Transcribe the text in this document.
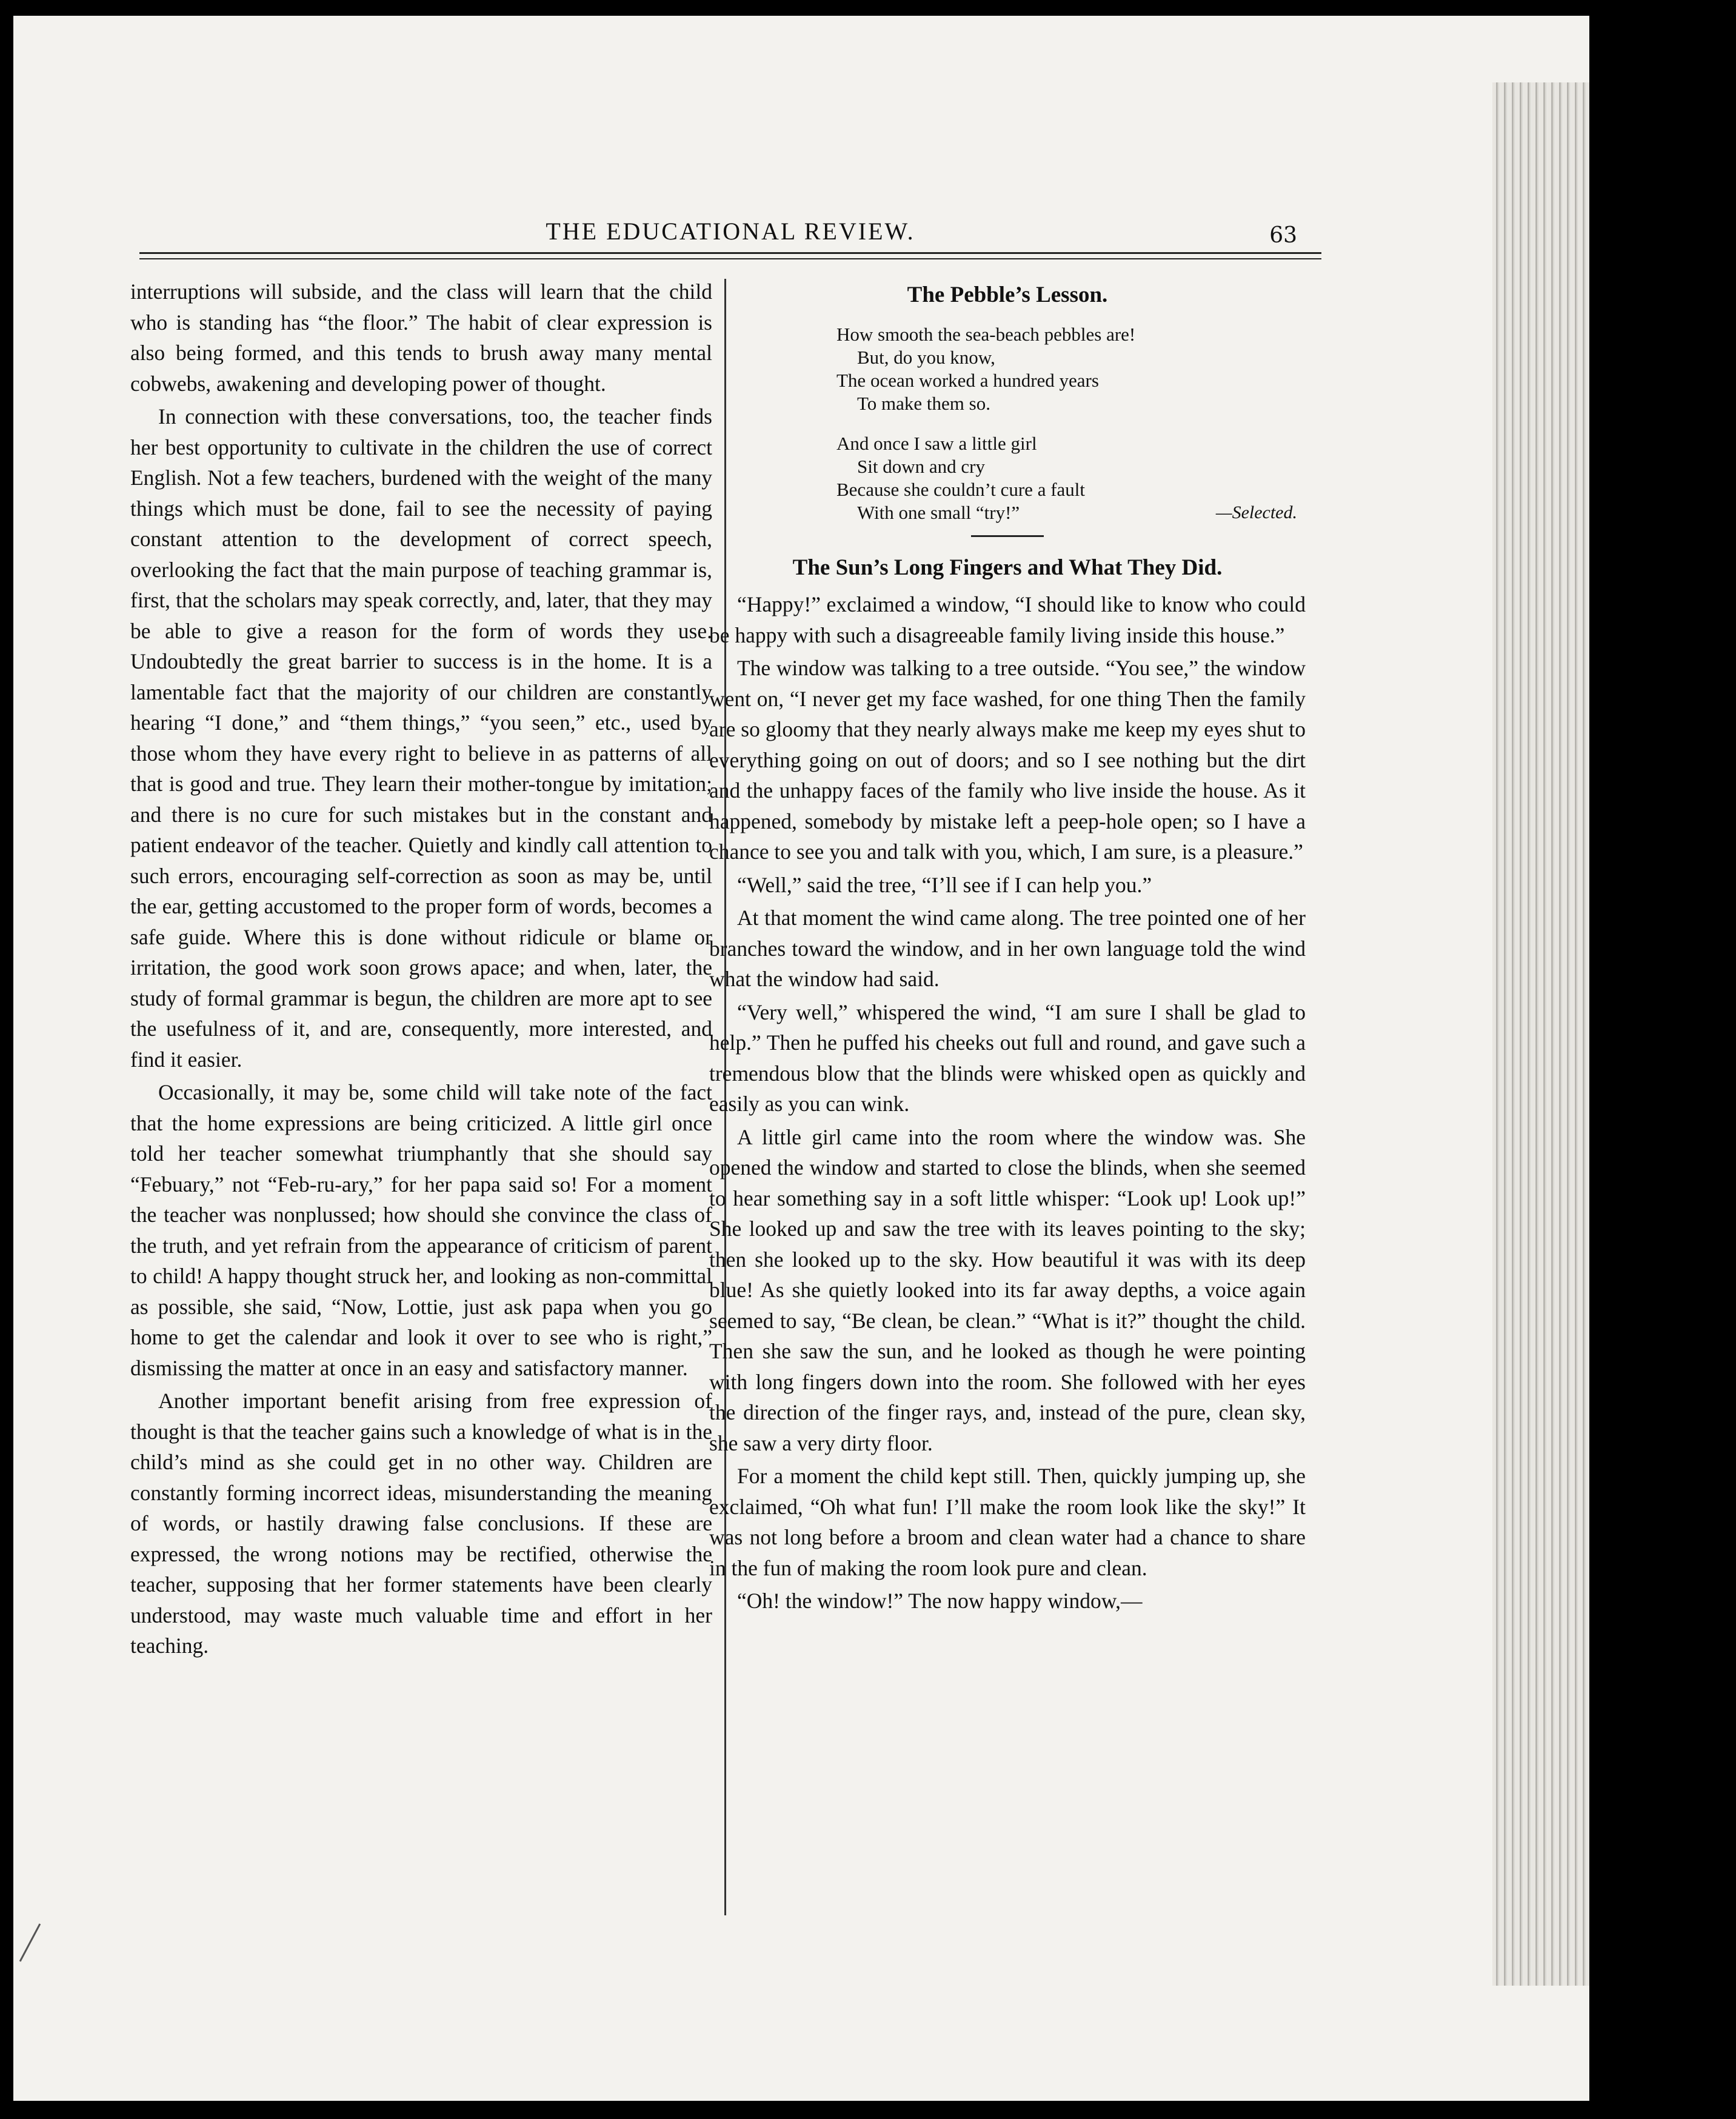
THE EDUCATIONAL REVIEW.	63

interruptions will subside, and the class will learn that the child who is standing has “the floor.” The habit of clear expression is also being formed, and this tends to brush away many mental cobwebs, awakening and developing power of thought.

In connection with these conversations, too, the teacher finds her best opportunity to cultivate in the children the use of correct English. Not a few teachers, burdened with the weight of the many things which must be done, fail to see the necessity of paying constant attention to the development of correct speech, overlooking the fact that the main purpose of teaching grammar is, first, that the scholars may speak correctly, and, later, that they may be able to give a reason for the form of words they use. Undoubtedly the great barrier to success is in the home. It is a lamentable fact that the majority of our children are constantly hearing “I done,” and “them things,” “you seen,” etc., used by those whom they have every right to believe in as patterns of all that is good and true. They learn their mother-tongue by imitation; and there is no cure for such mistakes but in the constant and patient endeavor of the teacher. Quietly and kindly call attention to such errors, encouraging self-correction as soon as may be, until the ear, getting accustomed to the proper form of words, becomes a safe guide. Where this is done without ridicule or blame or irritation, the good work soon grows apace; and when, later, the study of formal grammar is begun, the children are more apt to see the usefulness of it, and are, consequently, more interested, and find it easier.

Occasionally, it may be, some child will take note of the fact that the home expressions are being criticized. A little girl once told her teacher somewhat triumphantly that she should say “Febuary,” not “Feb-ru-ary,” for her papa said so! For a moment the teacher was nonplussed; how should she convince the class of the truth, and yet refrain from the appearance of criticism of parent to child! A happy thought struck her, and looking as non-committal as possible, she said, “Now, Lottie, just ask papa when you go home to get the calendar and look it over to see who is right,” dismissing the matter at once in an easy and satisfactory manner.

Another important benefit arising from free expression of thought is that the teacher gains such a knowledge of what is in the child’s mind as she could get in no other way. Children are constantly forming incorrect ideas, misunderstanding the meaning of words, or hastily drawing false conclusions. If these are expressed, the wrong notions may be rectified, otherwise the teacher, supposing that her former statements have been clearly understood, may waste much valuable time and effort in her teaching.

The Pebble’s Lesson.
How smooth the sea-beach pebbles are!
But, do you know,
The ocean worked a hundred years
To make them so.
And once I saw a little girl
Sit down and cry
Because she couldn’t cure a fault
With one small “try!”	—Selected.
The Sun’s Long Fingers and What They Did.

“Happy!” exclaimed a window, “I should like to know who could be happy with such a disagreeable family living inside this house.”

The window was talking to a tree outside. “You see,” the window went on, “I never get my face washed, for one thing Then the family are so gloomy that they nearly always make me keep my eyes shut to everything going on out of doors; and so I see nothing but the dirt and the unhappy faces of the family who live inside the house. As it happened, somebody by mistake left a peep-hole open; so I have a chance to see you and talk with you, which, I am sure, is a pleasure.”

“Well,” said the tree, “I’ll see if I can help you.”

At that moment the wind came along. The tree pointed one of her branches toward the window, and in her own language told the wind what the window had said.

“Very well,” whispered the wind, “I am sure I shall be glad to help.” Then he puffed his cheeks out full and round, and gave such a tremendous blow that the blinds were whisked open as quickly and easily as you can wink.

A little girl came into the room where the window was. She opened the window and started to close the blinds, when she seemed to hear something say in a soft little whisper: “Look up! Look up!” She looked up and saw the tree with its leaves pointing to the sky; then she looked up to the sky. How beautiful it was with its deep blue! As she quietly looked into its far away depths, a voice again seemed to say, “Be clean, be clean.” “What is it?” thought the child. Then she saw the sun, and he looked as though he were pointing with long fingers down into the room. She followed with her eyes the direction of the finger rays, and, instead of the pure, clean sky, she saw a very dirty floor.

For a moment the child kept still. Then, quickly jumping up, she exclaimed, “Oh what fun! I’ll make the room look like the sky!” It was not long before a broom and clean water had a chance to share in the fun of making the room look pure and clean.

“Oh! the window!” The now happy window,—
